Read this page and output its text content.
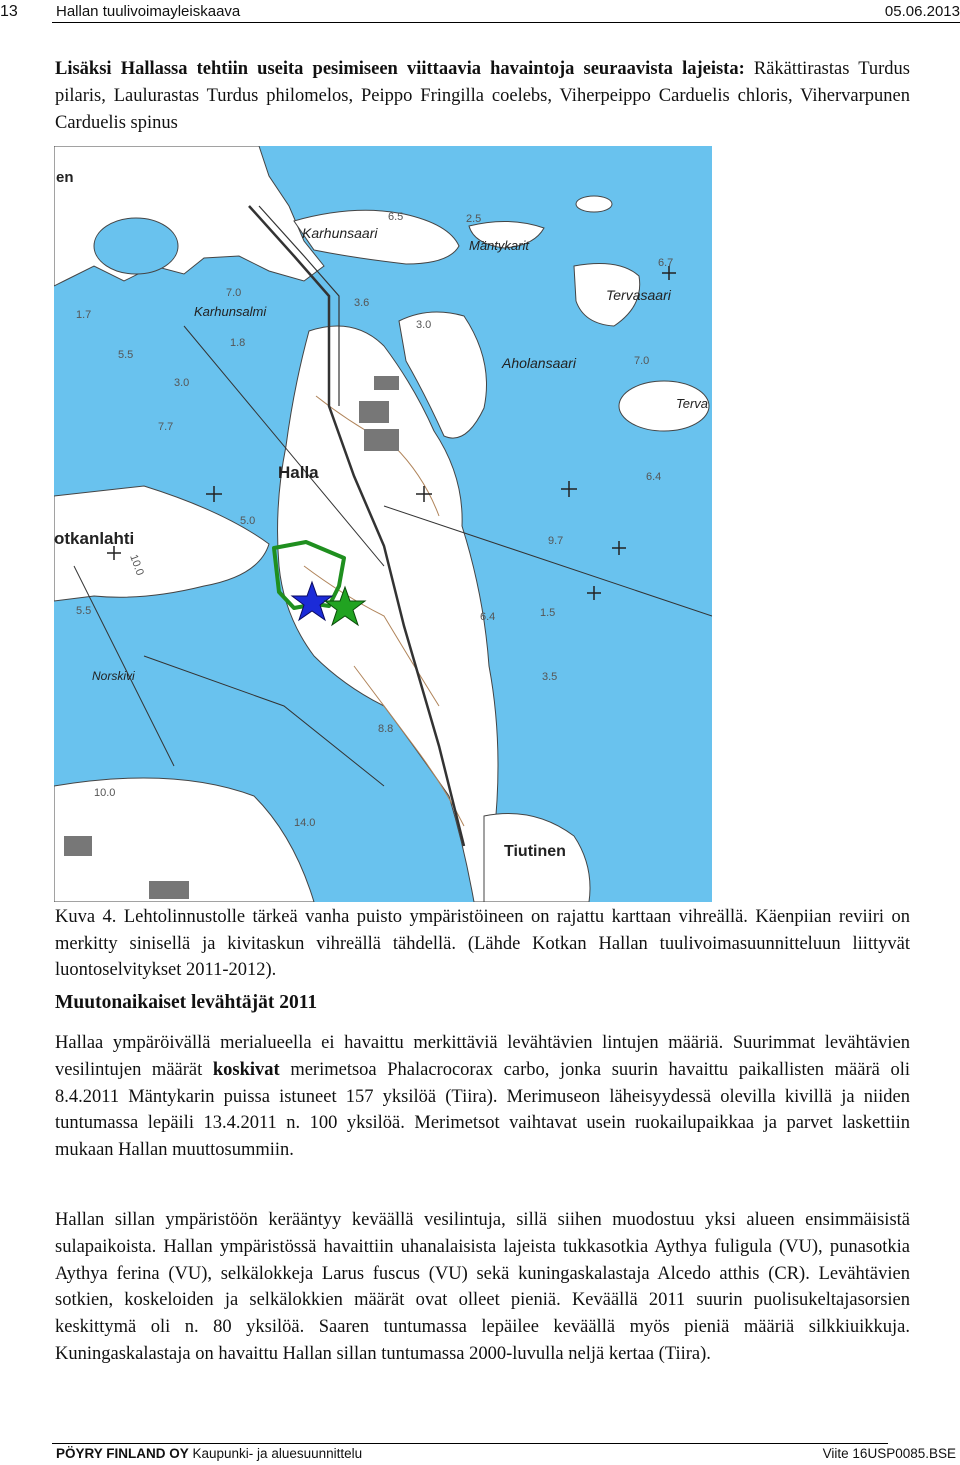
13	Hallan tuulivoimayleiskaava	05.06.2013

Lisäksi Hallassa tehtiin useita pesimiseen viittaavia havaintoja seuraavista lajeista: Räkättirastas Turdus pilaris, Laulurastas Turdus philomelos, Peippo Fringilla coelebs, Viherpeippo Carduelis chloris, Vihervarpunen Carduelis spinus

Karhunsaari
Mäntykarit
Tervasaari
Karhunsalmi
Aholansaari
Terva
Halla
otkanlahti
Norskivi
Tiutinen
en
6.5	2.5
6.7
7.0
3.6
3.0
1.7
5.5
1.8
3.0
7.0
7.7
6.4
5.0
9.7
1.5
6.4
3.5
5.5
8.8
10.0
14.0
10.0
Kuva 4. Lehtolinnustolle tärkeä vanha puisto ympäristöineen on rajattu karttaan vihreällä. Käenpiian reviiri on merkitty sinisellä ja kivitaskun vihreällä tähdellä. (Lähde Kotkan Hallan tuulivoimasuunnitteluun liittyvät luontoselvitykset 2011-2012).
Muutonaikaiset levähtäjät 2011

Hallaa ympäröivällä merialueella ei havaittu merkittäviä levähtävien lintujen määriä. Suurimmat levähtävien vesilintujen määrät koskivat merimetsoa Phalacrocorax carbo, jonka suurin havaittu paikallisten määrä oli 8.4.2011 Mäntykarin puissa istuneet 157 yksilöä (Tiira). Merimuseon läheisyydessä olevilla kivillä ja niiden tuntumassa lepäili 13.4.2011 n. 100 yksilöä. Merimetsot vaihtavat usein ruokailupaikkaa ja parvet laskettiin mukaan Hallan muuttosummiin.

Hallan sillan ympäristöön kerääntyy keväällä vesilintuja, sillä siihen muodostuu yksi alueen ensimmäisistä sulapaikoista. Hallan ympäristössä havaittiin uhanalaisista lajeista tukkasotkia Aythya fuligula (VU), punasotkia Aythya ferina (VU), selkälokkeja Larus fuscus (VU) sekä kuningaskalastaja Alcedo atthis (CR). Levähtävien sotkien, koskeloiden ja selkälokkien määrät ovat olleet pieniä. Keväällä 2011 suurin puolisukeltajasorsien keskittymä oli n. 80 yksilöä. Saaren tuntumassa lepäilee keväällä myös pieniä määriä silkkiuikkuja. Kuningaskalastaja on havaittu Hallan sillan tuntumassa 2000-luvulla neljä kertaa (Tiira).

PÖYRY FINLAND OY Kaupunki- ja aluesuunnittelu	Viite 16USP0085.BSE
